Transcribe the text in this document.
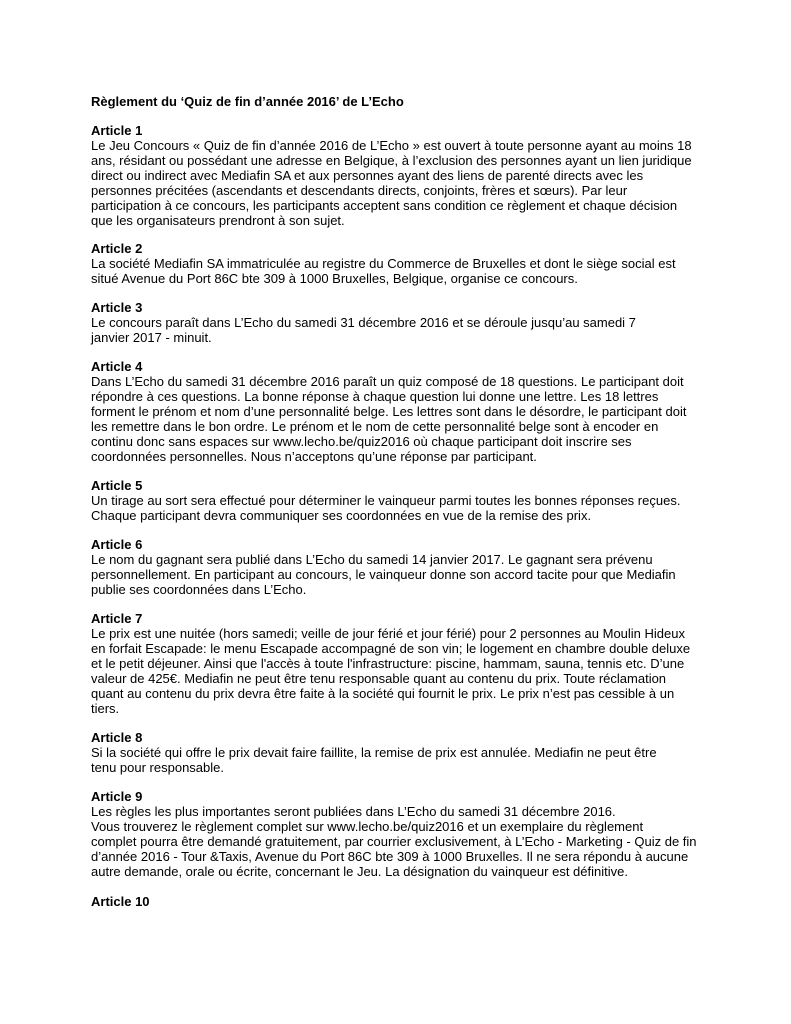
Règlement du ‘Quiz de fin d’année 2016’ de L’Echo
Article 1
Le Jeu Concours « Quiz de fin d’année 2016 de L’Echo » est ouvert à toute personne ayant au moins 18
ans, résidant ou possédant une adresse en Belgique, à l’exclusion des personnes ayant un lien juridique
direct ou indirect avec Mediafin SA et aux personnes ayant des liens de parenté directs avec les
personnes précitées (ascendants et descendants directs, conjoints, frères et sœurs). Par leur
participation à ce concours, les participants acceptent sans condition ce règlement et chaque décision
que les organisateurs prendront à son sujet.
Article 2
La société Mediafin SA immatriculée au registre du Commerce de Bruxelles et dont le siège social est
situé Avenue du Port 86C bte 309 à 1000 Bruxelles, Belgique, organise ce concours.
Article 3
Le concours paraît dans L’Echo du samedi 31 décembre 2016 et se déroule jusqu’au samedi 7
janvier 2017 - minuit.
Article 4
Dans L’Echo du samedi 31 décembre 2016 paraît un quiz composé de 18 questions. Le participant doit
répondre à ces questions. La bonne réponse à chaque question lui donne une lettre. Les 18 lettres
forment le prénom et nom d’une personnalité belge. Les lettres sont dans le désordre, le participant doit
les remettre dans le bon ordre. Le prénom et le nom de cette personnalité belge sont à encoder en
continu donc sans espaces sur www.lecho.be/quiz2016 où chaque participant doit inscrire ses
coordonnées personnelles. Nous n’acceptons qu’une réponse par participant.
Article 5
Un tirage au sort sera effectué pour déterminer le vainqueur parmi toutes les bonnes réponses reçues.
Chaque participant devra communiquer ses coordonnées en vue de la remise des prix.
Article 6
Le nom du gagnant sera publié dans L’Echo du samedi 14 janvier 2017. Le gagnant sera prévenu
personnellement. En participant au concours, le vainqueur donne son accord tacite pour que Mediafin
publie ses coordonnées dans L’Echo.
Article 7
Le prix est une nuitée (hors samedi; veille de jour férié et jour férié) pour 2 personnes au Moulin Hideux
en forfait Escapade: le menu Escapade accompagné de son vin; le logement en chambre double deluxe
et le petit déjeuner. Ainsi que l'accès à toute l'infrastructure: piscine, hammam, sauna, tennis etc. D’une
valeur de 425€. Mediafin ne peut être tenu responsable quant au contenu du prix. Toute réclamation
quant au contenu du prix devra être faite à la société qui fournit le prix. Le prix n’est pas cessible à un
tiers.
Article 8
Si la société qui offre le prix devait faire faillite, la remise de prix est annulée. Mediafin ne peut être
tenu pour responsable.
Article 9
Les règles les plus importantes seront publiées dans L’Echo du samedi 31 décembre 2016.
Vous trouverez le règlement complet sur www.lecho.be/quiz2016 et un exemplaire du règlement
complet pourra être demandé gratuitement, par courrier exclusivement, à L’Echo - Marketing - Quiz de fin
d’année 2016 - Tour &Taxis, Avenue du Port 86C bte 309 à 1000 Bruxelles. Il ne sera répondu à aucune
autre demande, orale ou écrite, concernant le Jeu. La désignation du vainqueur est définitive.
Article 10
